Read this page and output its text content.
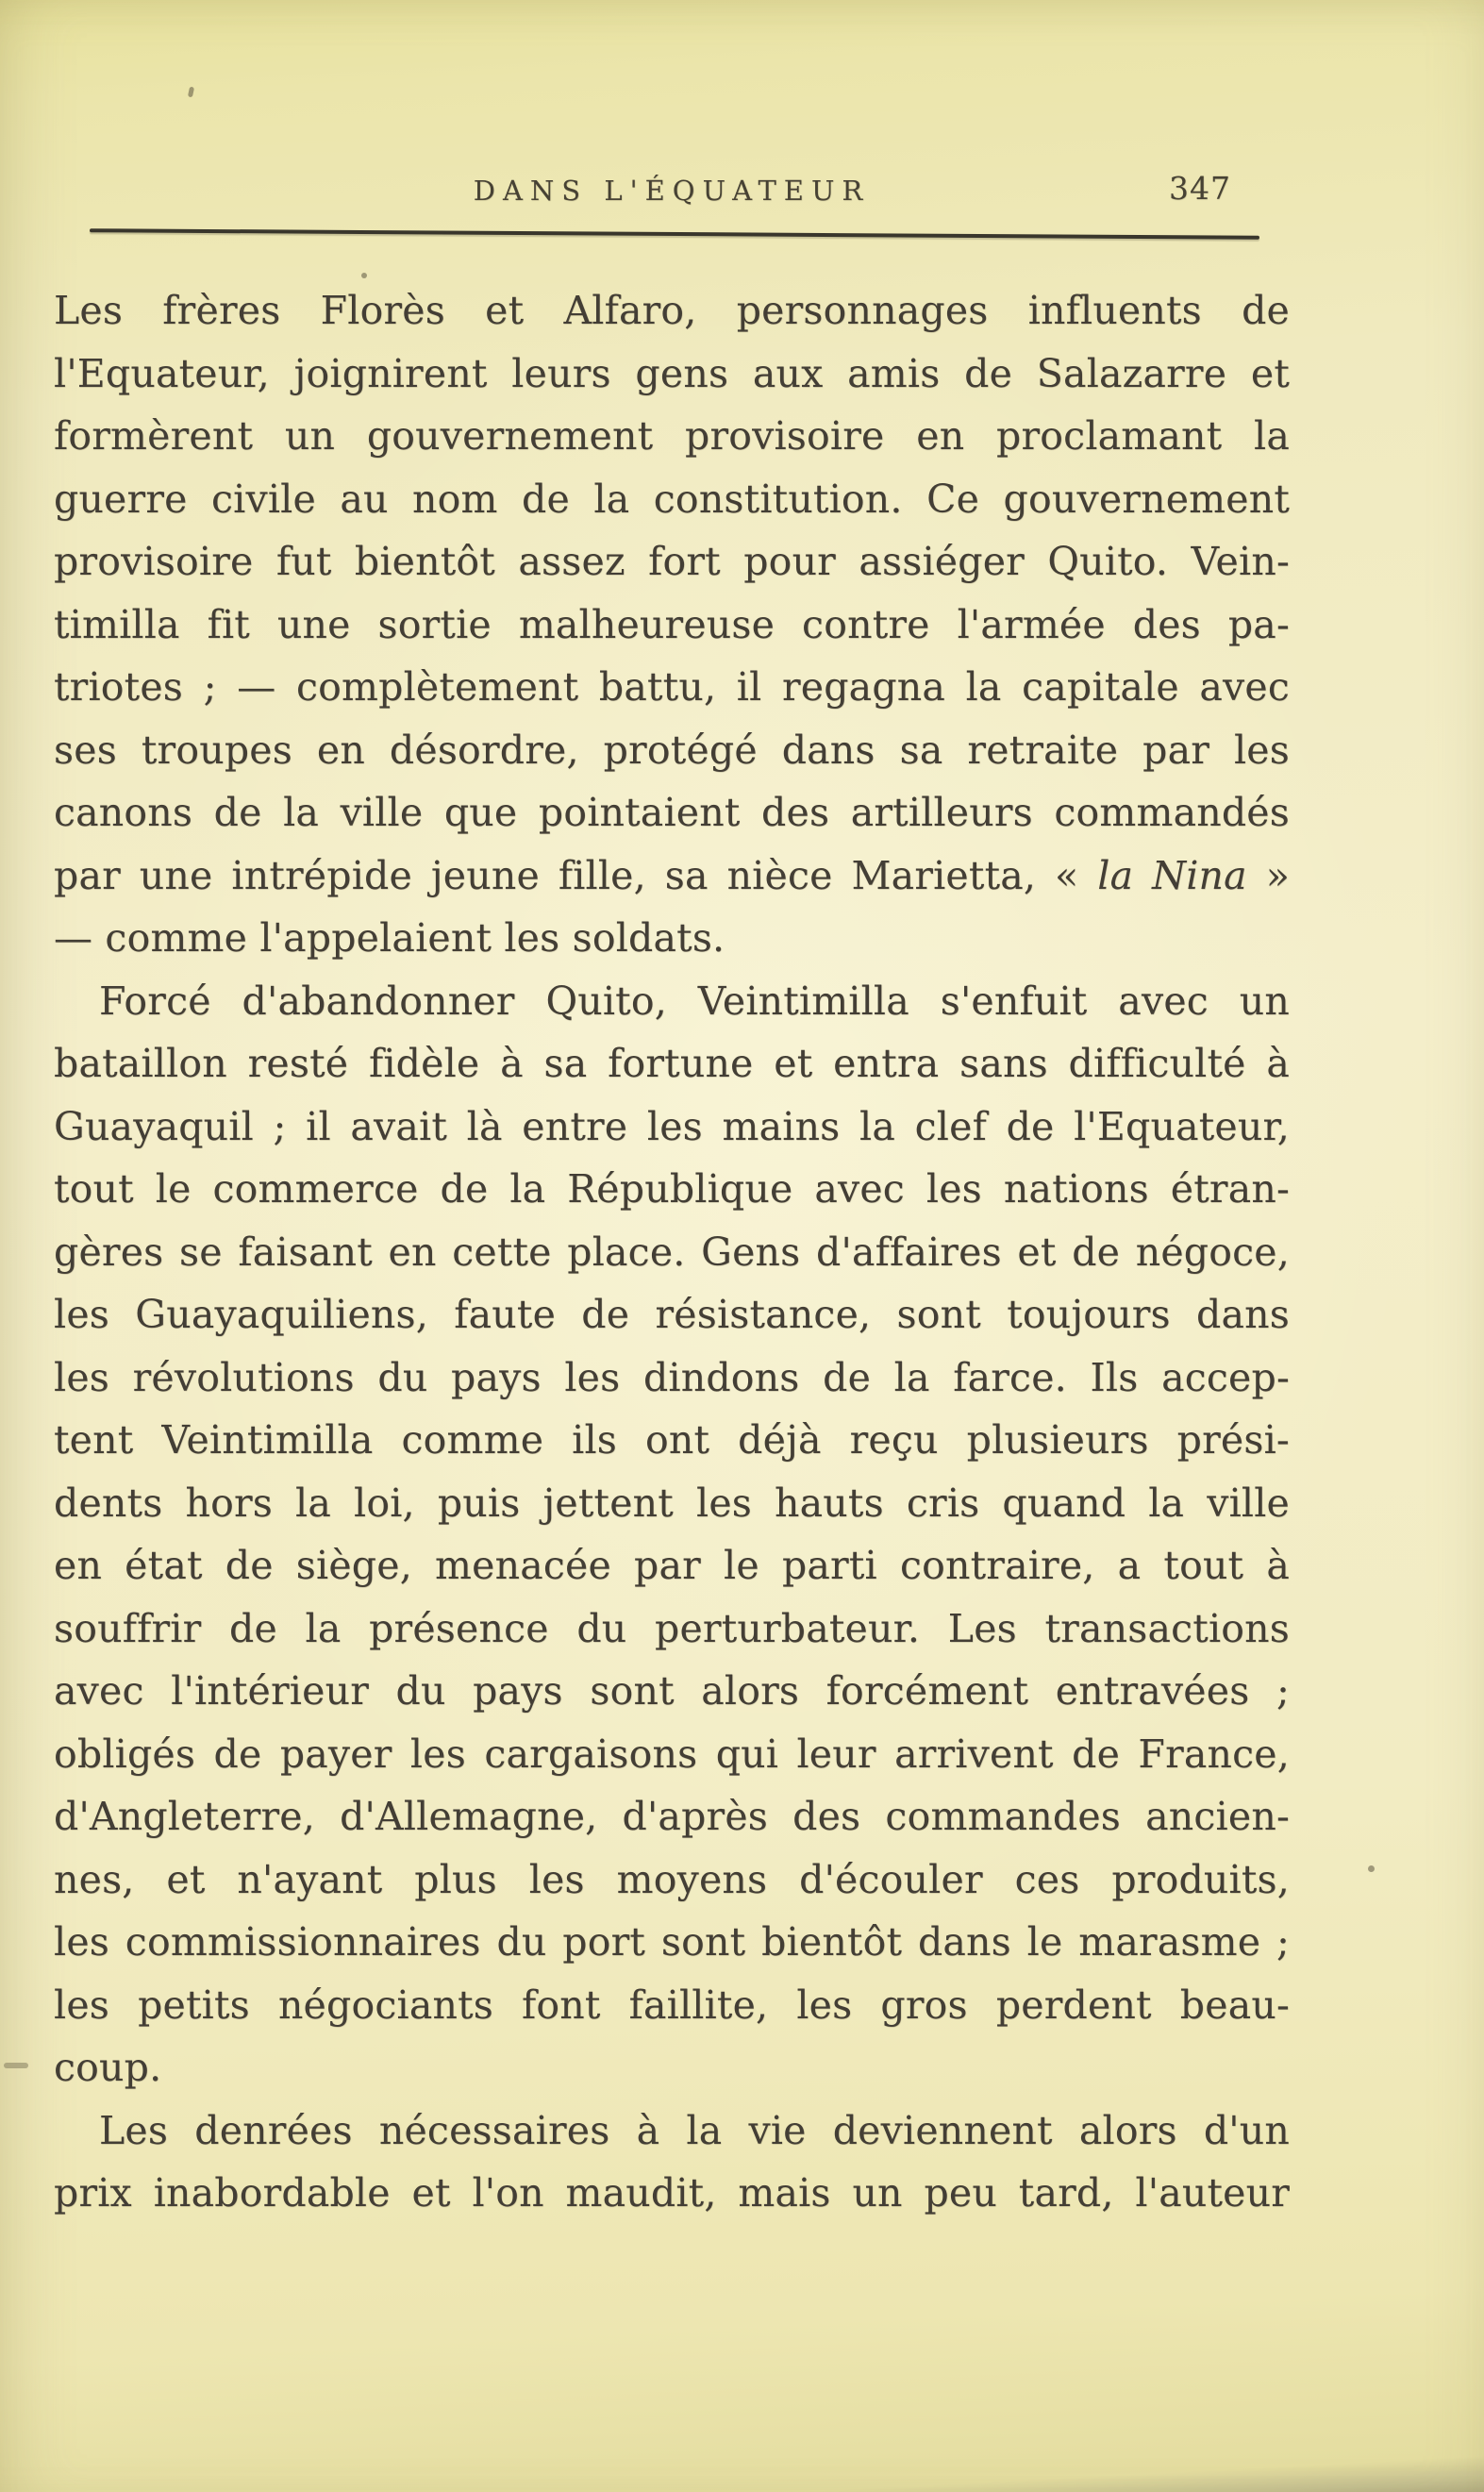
DANS L'ÉQUATEUR	347
Les frères Florès et Alfaro, personnages influents de
l'Equateur, joignirent leurs gens aux amis de Salazarre et
formèrent un gouvernement provisoire en proclamant la
guerre civile au nom de la constitution. Ce gouvernement
provisoire fut bientôt assez fort pour assiéger Quito. Vein-
timilla fit une sortie malheureuse contre l'armée des pa-
triotes ; — complètement battu, il regagna la capitale avec
ses troupes en désordre, protégé dans sa retraite par les
canons de la ville que pointaient des artilleurs commandés
par une intrépide jeune fille, sa nièce Marietta, « la Nina »
— comme l'appelaient les soldats.
Forcé d'abandonner Quito, Veintimilla s'enfuit avec un
bataillon resté fidèle à sa fortune et entra sans difficulté à
Guayaquil ; il avait là entre les mains la clef de l'Equateur,
tout le commerce de la République avec les nations étran-
gères se faisant en cette place. Gens d'affaires et de négoce,
les Guayaquiliens, faute de résistance, sont toujours dans
les révolutions du pays les dindons de la farce. Ils accep-
tent Veintimilla comme ils ont déjà reçu plusieurs prési-
dents hors la loi, puis jettent les hauts cris quand la ville
en état de siège, menacée par le parti contraire, a tout à
souffrir de la présence du perturbateur. Les transactions
avec l'intérieur du pays sont alors forcément entravées ;
obligés de payer les cargaisons qui leur arrivent de France,
d'Angleterre, d'Allemagne, d'après des commandes ancien-
nes, et n'ayant plus les moyens d'écouler ces produits,
les commissionnaires du port sont bientôt dans le marasme ;
les petits négociants font faillite, les gros perdent beau-
coup.
Les denrées nécessaires à la vie deviennent alors d'un
prix inabordable et l'on maudit, mais un peu tard, l'auteur
